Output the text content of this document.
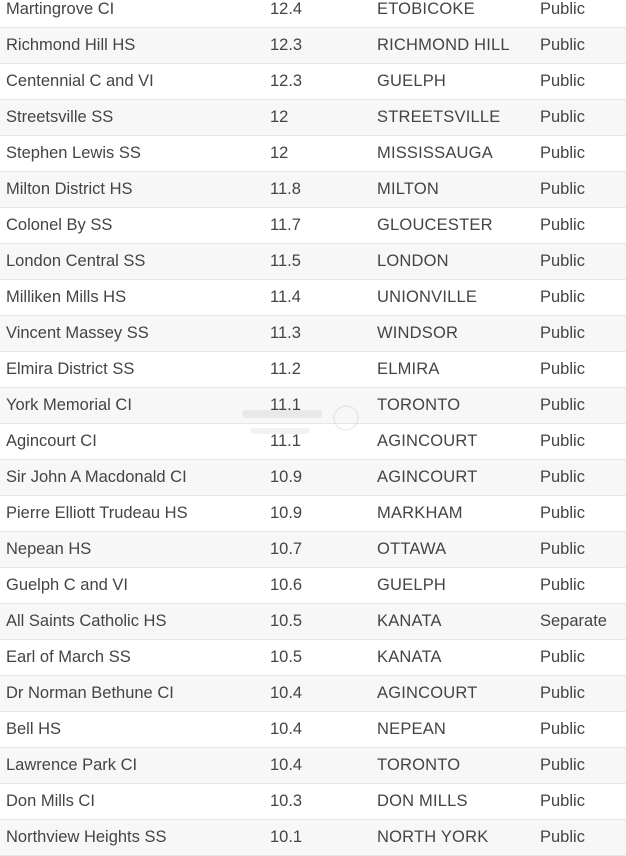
Martingrove CI	12.4	ETOBICOKE	Public
Richmond Hill HS	12.3	RICHMOND HILL	Public
Centennial C and VI	12.3	GUELPH	Public
Streetsville SS	12	STREETSVILLE	Public
Stephen Lewis SS	12	MISSISSAUGA	Public
Milton District HS	11.8	MILTON	Public
Colonel By SS	11.7	GLOUCESTER	Public
London Central SS	11.5	LONDON	Public
Milliken Mills HS	11.4	UNIONVILLE	Public
Vincent Massey SS	11.3	WINDSOR	Public
Elmira District SS	11.2	ELMIRA	Public
York Memorial CI	11.1	TORONTO	Public
Agincourt CI	11.1	AGINCOURT	Public
Sir John A Macdonald CI	10.9	AGINCOURT	Public
Pierre Elliott Trudeau HS	10.9	MARKHAM	Public
Nepean HS	10.7	OTTAWA	Public
Guelph C and VI	10.6	GUELPH	Public
All Saints Catholic HS	10.5	KANATA	Separate
Earl of March SS	10.5	KANATA	Public
Dr Norman Bethune CI	10.4	AGINCOURT	Public
Bell HS	10.4	NEPEAN	Public
Lawrence Park CI	10.4	TORONTO	Public
Don Mills CI	10.3	DON MILLS	Public
Northview Heights SS	10.1	NORTH YORK	Public
